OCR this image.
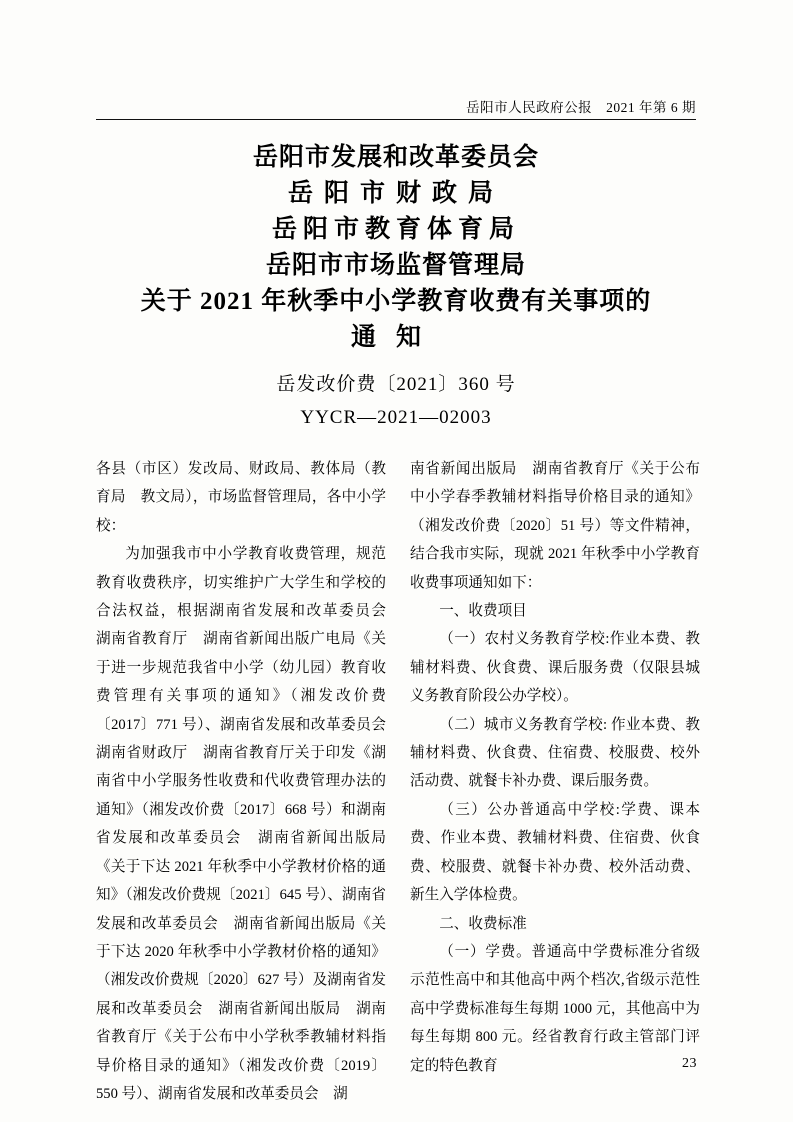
岳阳市人民政府公报　2021 年第 6 期
岳阳市发展和改革委员会
岳阳市财政局
岳阳市教育体育局
岳阳市市场监督管理局
关于 2021 年秋季中小学教育收费有关事项的
通知
岳发改价费〔2021〕360 号
YYCR—2021—02003

各县（市区）发改局、财政局、教体局（教育局　教文局），市场监督管理局，各中小学校：

为加强我市中小学教育收费管理，规范教育收费秩序，切实维护广大学生和学校的合法权益，根据湖南省发展和改革委员会　湖南省教育厅　湖南省新闻出版广电局《关于进一步规范我省中小学（幼儿园）教育收费管理有关事项的通知》（湘发改价费〔2017〕771 号）、湖南省发展和改革委员会　湖南省财政厅　湖南省教育厅关于印发《湖南省中小学服务性收费和代收费管理办法的通知》（湘发改价费〔2017〕668 号）和湖南省发展和改革委员会　湖南省新闻出版局《关于下达 2021 年秋季中小学教材价格的通知》（湘发改价费规〔2021〕645 号）、湖南省发展和改革委员会　湖南省新闻出版局《关于下达 2020 年秋季中小学教材价格的通知》（湘发改价费规〔2020〕627 号）及湖南省发展和改革委员会　湖南省新闻出版局　湖南省教育厅《关于公布中小学秋季教辅材料指导价格目录的通知》（湘发改价费〔2019〕550 号）、湖南省发展和改革委员会　湖

南省新闻出版局　湖南省教育厅《关于公布中小学春季教辅材料指导价格目录的通知》（湘发改价费〔2020〕51 号）等文件精神，结合我市实际，现就 2021 年秋季中小学教育收费事项通知如下：

一、收费项目

（一）农村义务教育学校:作业本费、教辅材料费、伙食费、课后服务费（仅限县城义务教育阶段公办学校）。

（二）城市义务教育学校: 作业本费、教辅材料费、伙食费、住宿费、校服费、校外活动费、就餐卡补办费、课后服务费。

（三）公办普通高中学校:学费、课本费、作业本费、教辅材料费、住宿费、伙食费、校服费、就餐卡补办费、校外活动费、新生入学体检费。

二、收费标准

（一）学费。普通高中学费标准分省级示范性高中和其他高中两个档次,省级示范性高中学费标准每生每期 1000 元，其他高中为每生每期 800 元。经省教育行政主管部门评定的特色教育	23
